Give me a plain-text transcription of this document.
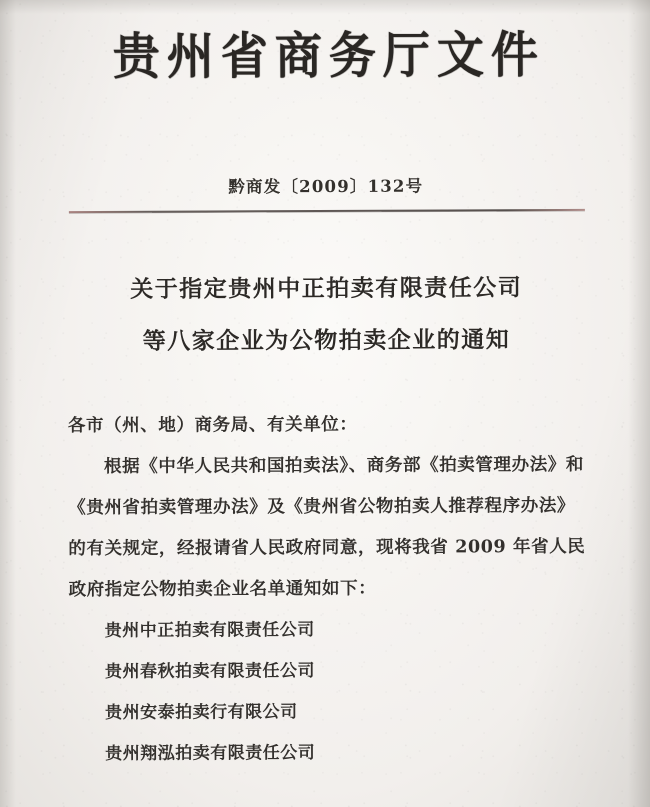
贵州省商务厅文件
黔商发〔2009〕132号
关于指定贵州中正拍卖有限责任公司
等八家企业为公物拍卖企业的通知

各市（州、地）商务局、有关单位：

根据《中华人民共和国拍卖法》、商务部《拍卖管理办法》和《贵州省拍卖管理办法》及《贵州省公物拍卖人推荐程序办法》的有关规定，经报请省人民政府同意，现将我省 2009 年省人民政府指定公物拍卖企业名单通知如下：

贵州中正拍卖有限责任公司
贵州春秋拍卖有限责任公司
贵州安泰拍卖行有限公司
贵州翔泓拍卖有限责任公司
